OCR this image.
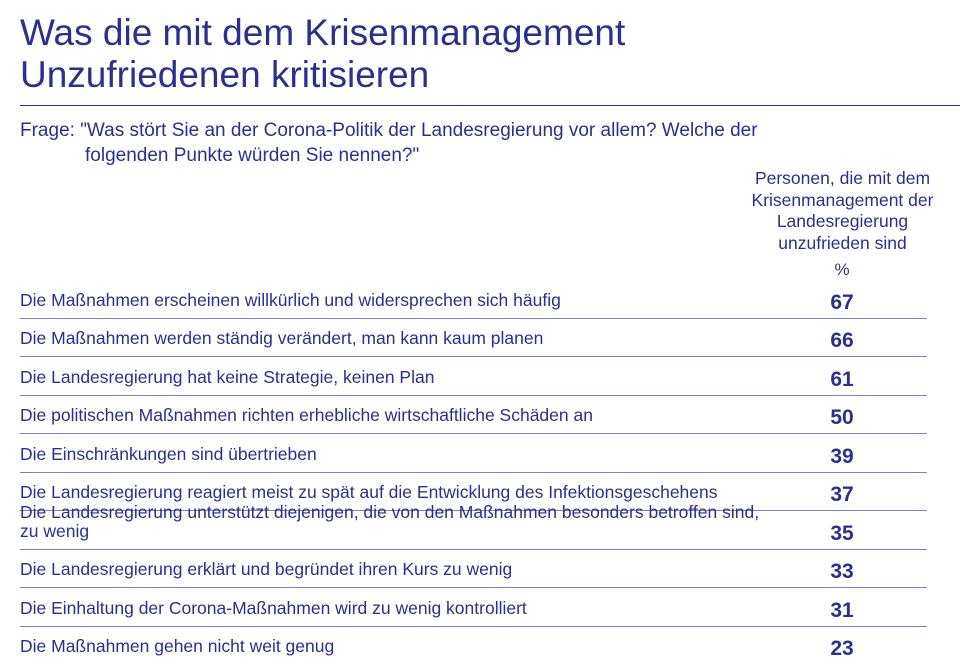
Was die mit dem Krisenmanagement
Unzufriedenen kritisieren
Frage: "Was stört Sie an der Corona-Politik der Landesregierung vor allem? Welche der
folgenden Punkte würden Sie nennen?"
Personen, die mit dem Krisenmanagement der Landesregierung unzufrieden sind
%
Die Maßnahmen erscheinen willkürlich und widersprechen sich häufig	67
Die Maßnahmen werden ständig verändert, man kann kaum planen	66
Die Landesregierung hat keine Strategie, keinen Plan	61
Die politischen Maßnahmen richten erhebliche wirtschaftliche Schäden an	50
Die Einschränkungen sind übertrieben	39
Die Landesregierung reagiert meist zu spät auf die Entwicklung des Infektionsgeschehens	37
Die Landesregierung unterstützt diejenigen, die von den Maßnahmen besonders betroffen sind, zu wenig	35
Die Landesregierung erklärt und begründet ihren Kurs zu wenig	33
Die Einhaltung der Corona-Maßnahmen wird zu wenig kontrolliert	31
Die Maßnahmen gehen nicht weit genug	23
